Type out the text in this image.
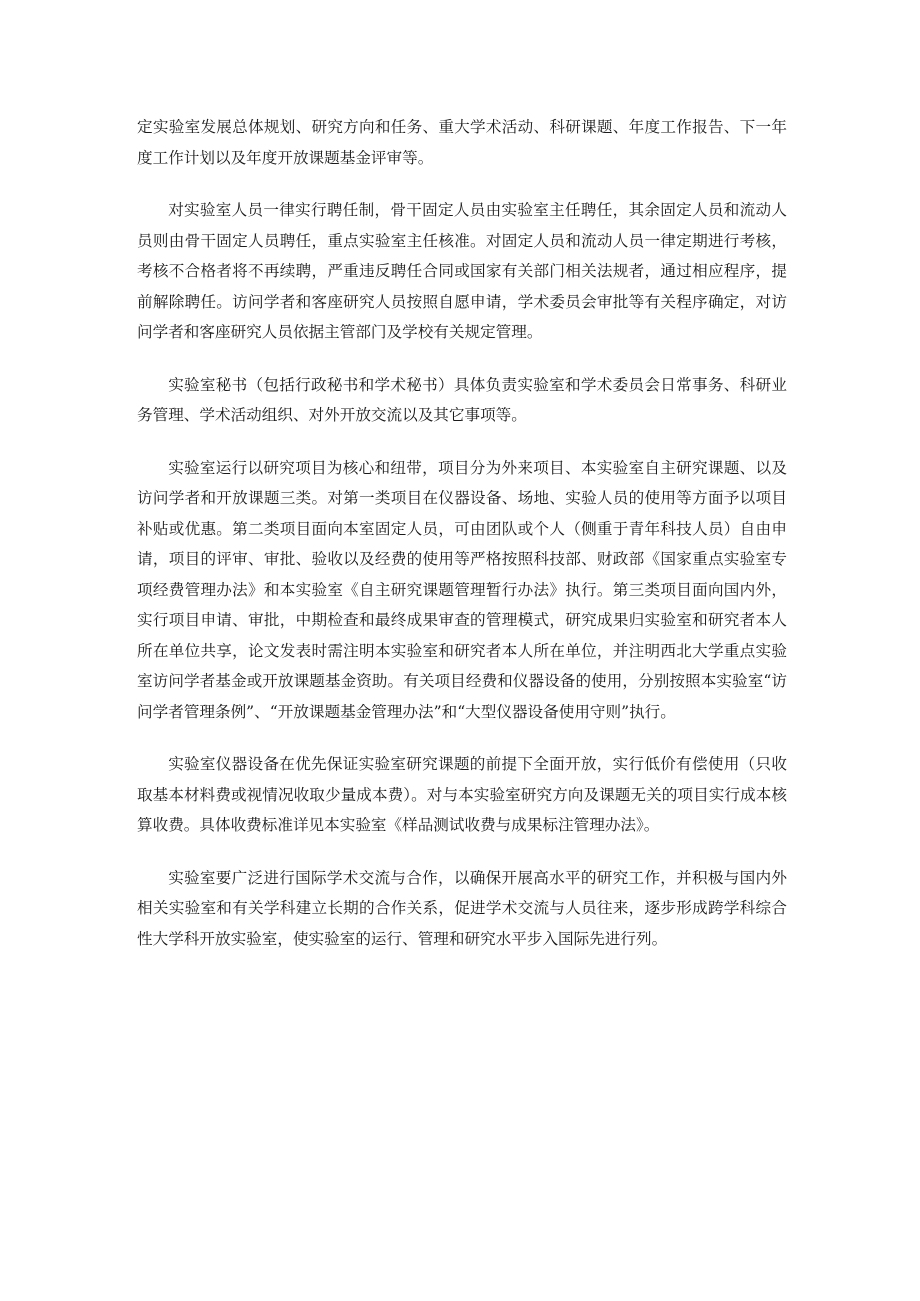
定实验室发展总体规划、研究方向和任务、重大学术活动、科研课题、年度工作报告、下一年度工作计划以及年度开放课题基金评审等。

对实验室人员一律实行聘任制，骨干固定人员由实验室主任聘任，其余固定人员和流动人员则由骨干固定人员聘任，重点实验室主任核准。对固定人员和流动人员一律定期进行考核，考核不合格者将不再续聘，严重违反聘任合同或国家有关部门相关法规者，通过相应程序，提前解除聘任。访问学者和客座研究人员按照自愿申请，学术委员会审批等有关程序确定，对访问学者和客座研究人员依据主管部门及学校有关规定管理。

实验室秘书（包括行政秘书和学术秘书）具体负责实验室和学术委员会日常事务、科研业务管理、学术活动组织、对外开放交流以及其它事项等。

实验室运行以研究项目为核心和纽带，项目分为外来项目、本实验室自主研究课题、以及访问学者和开放课题三类。对第一类项目在仪器设备、场地、实验人员的使用等方面予以项目补贴或优惠。第二类项目面向本室固定人员，可由团队或个人（侧重于青年科技人员）自由申请，项目的评审、审批、验收以及经费的使用等严格按照科技部、财政部《国家重点实验室专项经费管理办法》和本实验室《自主研究课题管理暂行办法》执行。第三类项目面向国内外，实行项目申请、审批，中期检查和最终成果审查的管理模式，研究成果归实验室和研究者本人所在单位共享，论文发表时需注明本实验室和研究者本人所在单位，并注明西北大学重点实验室访问学者基金或开放课题基金资助。有关项目经费和仪器设备的使用，分别按照本实验室“访问学者管理条例”、“开放课题基金管理办法”和“大型仪器设备使用守则”执行。

实验室仪器设备在优先保证实验室研究课题的前提下全面开放，实行低价有偿使用（只收取基本材料费或视情况收取少量成本费）。对与本实验室研究方向及课题无关的项目实行成本核算收费。具体收费标准详见本实验室《样品测试收费与成果标注管理办法》。

实验室要广泛进行国际学术交流与合作，以确保开展高水平的研究工作，并积极与国内外相关实验室和有关学科建立长期的合作关系，促进学术交流与人员往来，逐步形成跨学科综合性大学科开放实验室，使实验室的运行、管理和研究水平步入国际先进行列。
